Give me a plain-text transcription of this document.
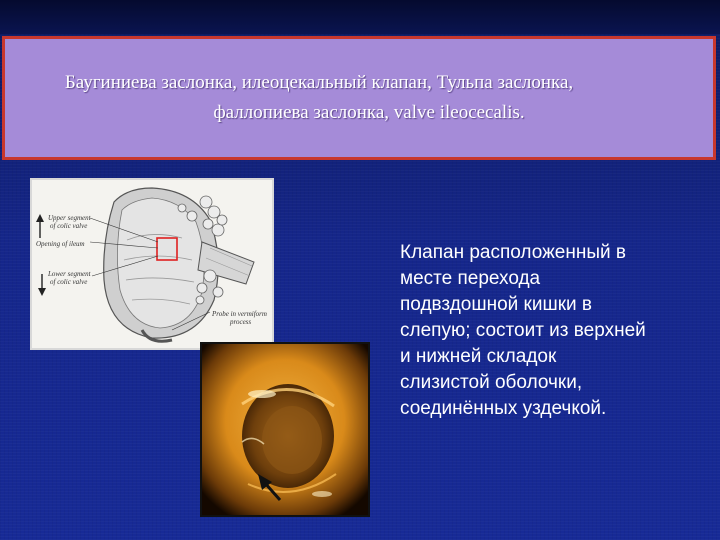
Баугиниева заслонка, илеоцекальный клапан, Тульпа заслонка,
фаллопиева заслонка, valve ileocecalis.
Upper segment
of colic valve
Opening of ileum
Lower segment
of colic valve
Probe in vermiform
process

Клапан расположенный в
месте перехода
подвздошной кишки в
слепую; состоит из верхней
и нижней складок
слизистой оболочки,
соединённых уздечкой.
